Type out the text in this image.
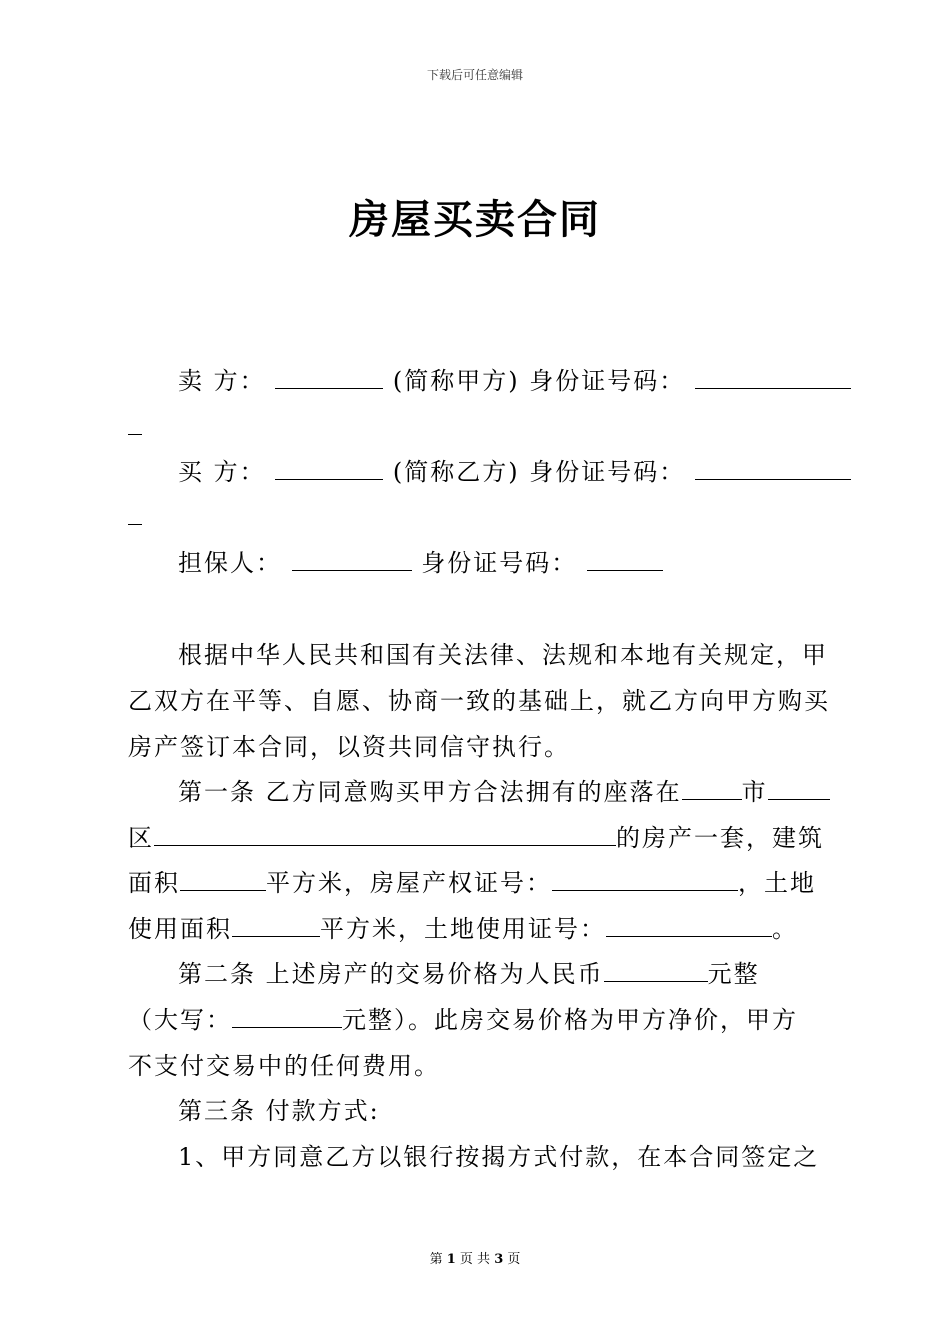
下载后可任意编辑
房屋买卖合同
卖 方：	(简称甲方) 身份证号码：
买 方：	(简称乙方) 身份证号码：
担保人：	身份证号码：
根据中华人民共和国有关法律、法规和本地有关规定，甲
乙双方在平等、自愿、协商一致的基础上，就乙方向甲方购买
房产签订本合同，以资共同信守执行。
第一条 乙方同意购买甲方合法拥有的座落在	市
区	的房产一套，建筑
面积	平方米，房屋产权证号：	，土地
使用面积	平方米，土地使用证号：	。
第二条 上述房产的交易价格为人民币	元整
（大写：	元整）。此房交易价格为甲方净价，甲方
不支付交易中的任何费用。
第三条 付款方式:
1、甲方同意乙方以银行按揭方式付款，在本合同签定之
第 1 页 共 3 页
